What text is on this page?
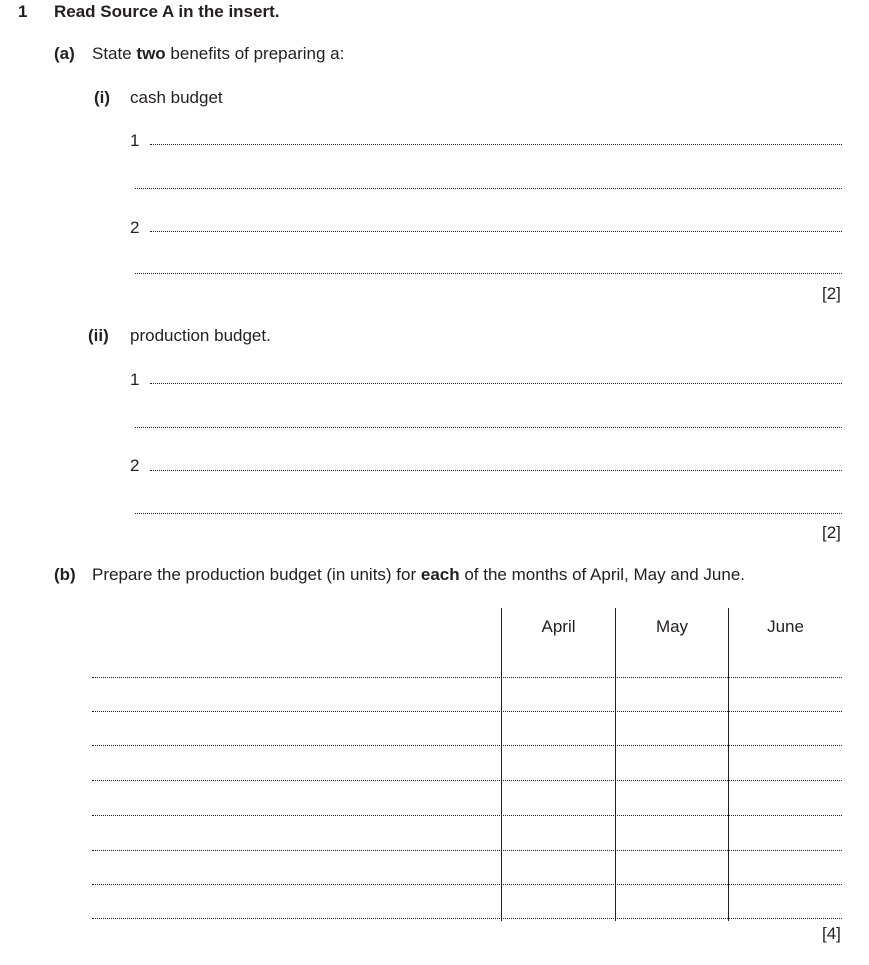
1 Read Source A in the insert.
(a) State two benefits of preparing a:
(i) cash budget
1
2
[2]
(ii) production budget.
1
2
[2]
(b) Prepare the production budget (in units) for each of the months of April, May and June.
April	May	June
[4]
